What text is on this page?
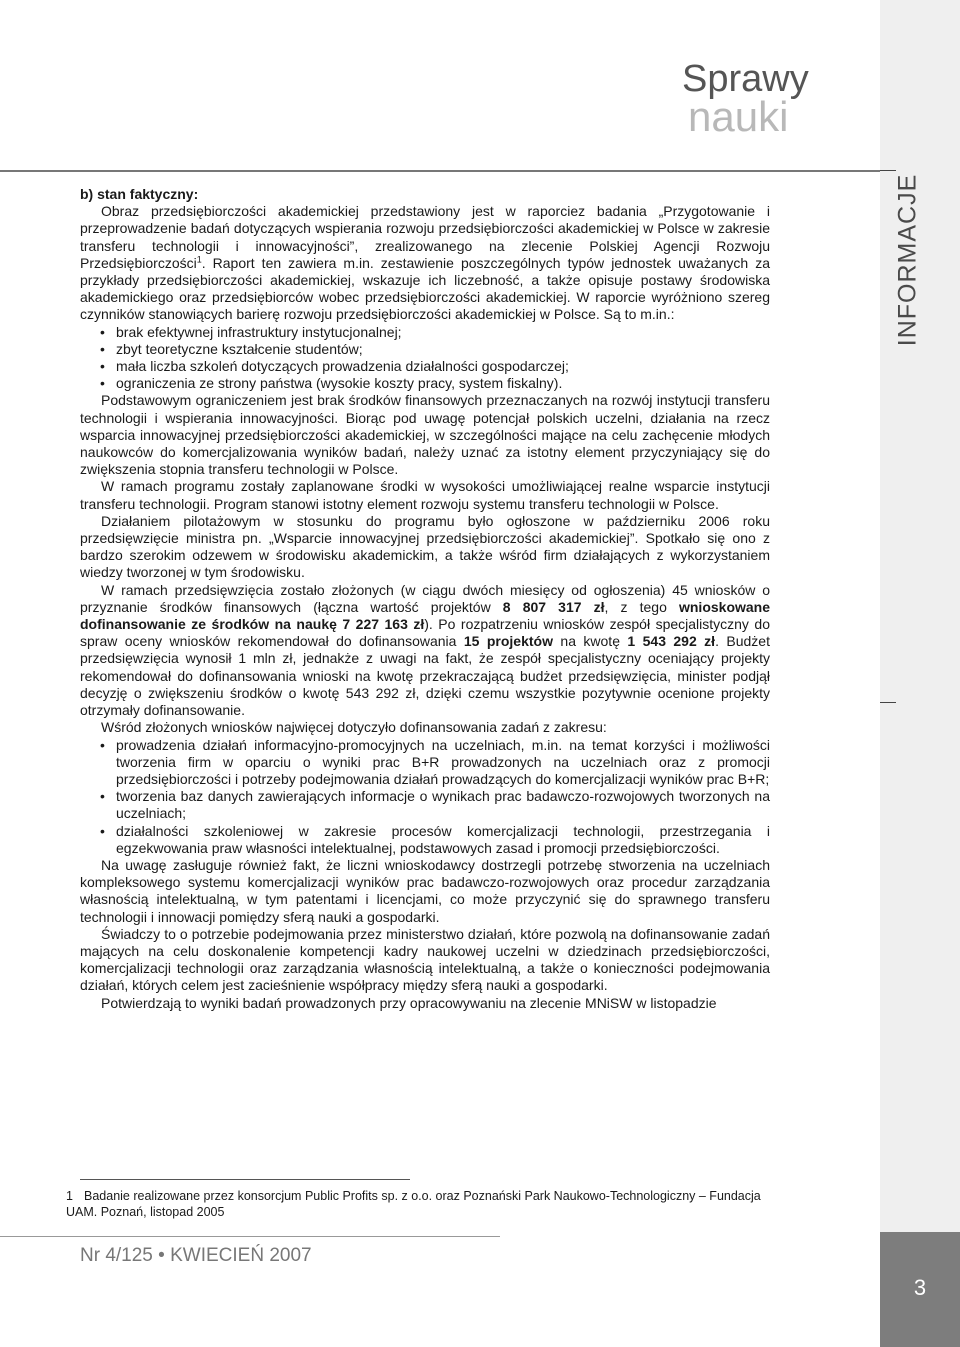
INFORMACJE
3
Sprawy
nauki

b) stan faktyczny:

Obraz przedsiębiorczości akademickiej przedstawiony jest w raporciez badania „Przygotowanie i przeprowadzenie badań dotyczących wspierania rozwoju przedsiębiorczości akademickiej w Polsce w zakresie transferu technologii i innowacyjności”, zrealizowanego na zlecenie Polskiej Agencji Rozwoju Przedsiębiorczości$^1$. Raport ten zawiera m.in. zestawienie poszczególnych typów jednostek uważanych za przykłady przedsiębiorczości akademickiej, wskazuje ich liczebność, a także opisuje postawy środowiska akademickiego oraz przedsiębiorców wobec przedsiębiorczości akademickiej. W raporcie wyróżniono szereg czynników stanowiących barierę rozwoju przedsiębiorczości akademickiej w Polsce. Są to m.in.:

• brak efektywnej infrastruktury instytucjonalnej;
• zbyt teoretyczne kształcenie studentów;
• mała liczba szkoleń dotyczących prowadzenia działalności gospodarczej;
• ograniczenia ze strony państwa (wysokie koszty pracy, system fiskalny).

Podstawowym ograniczeniem jest brak środków finansowych przeznaczanych na rozwój instytucji transferu technologii i wspierania innowacyjności. Biorąc pod uwagę potencjał polskich uczelni, działania na rzecz wsparcia innowacyjnej przedsiębiorczości akademickiej, w szczególności mające na celu zachęcenie młodych naukowców do komercjalizowania wyników badań, należy uznać za istotny element przyczyniający się do zwiększenia stopnia transferu technologii w Polsce.

W ramach programu zostały zaplanowane środki w wysokości umożliwiającej realne wsparcie instytucji transferu technologii. Program stanowi istotny element rozwoju systemu transferu technologii w Polsce.

Działaniem pilotażowym w stosunku do programu było ogłoszone w październiku 2006 roku przedsięwzięcie ministra pn. „Wsparcie innowacyjnej przedsiębiorczości akademickiej”. Spotkało się ono z bardzo szerokim odzewem w środowisku akademickim, a także wśród firm działających z wykorzystaniem wiedzy tworzonej w tym środowisku.

W ramach przedsięwzięcia zostało złożonych (w ciągu dwóch miesięcy od ogłoszenia) 45 wniosków o przyznanie środków finansowych (łączna wartość projektów 8 807 317 zł, z tego wnioskowane dofinansowanie ze środków na naukę 7 227 163 zł). Po rozpatrzeniu wniosków zespół specjalistyczny do spraw oceny wniosków rekomendował do dofinansowania 15 projektów na kwotę 1 543 292 zł. Budżet przedsięwzięcia wynosił 1 mln zł, jednakże z uwagi na fakt, że zespół specjalistyczny oceniający projekty rekomendował do dofinansowania wnioski na kwotę przekraczającą budżet przedsięwzięcia, minister podjął decyzję o zwiększeniu środków o kwotę 543 292 zł, dzięki czemu wszystkie pozytywnie ocenione projekty otrzymały dofinansowanie.

Wśród złożonych wniosków najwięcej dotyczyło dofinansowania zadań z zakresu:

• prowadzenia działań informacyjno-promocyjnych na uczelniach, m.in. na temat korzyści i możliwości tworzenia firm w oparciu o wyniki prac B+R prowadzonych na uczelniach oraz z promocji przedsiębiorczości i potrzeby podejmowania działań prowadzących do komercjalizacji wyników prac B+R;
• tworzenia baz danych zawierających informacje o wynikach prac badawczo-rozwojowych tworzonych na uczelniach;
• działalności szkoleniowej w zakresie procesów komercjalizacji technologii, przestrzegania i egzekwowania praw własności intelektualnej, podstawowych zasad i promocji przedsiębiorczości.

Na uwagę zasługuje również fakt, że liczni wnioskodawcy dostrzegli potrzebę stworzenia na uczelniach kompleksowego systemu komercjalizacji wyników prac badawczo-rozwojowych oraz procedur zarządzania własnością intelektualną, w tym patentami i licencjami, co może przyczynić się do sprawnego transferu technologii i innowacji pomiędzy sferą nauki a gospodarki.

Świadczy to o potrzebie podejmowania przez ministerstwo działań, które pozwolą na dofinansowanie zadań mających na celu doskonalenie kompetencji kadry naukowej uczelni w dziedzinach przedsiębiorczości, komercjalizacji technologii oraz zarządzania własnością intelektualną, a także o konieczności podejmowania działań, których celem jest zacieśnienie współpracy między sferą nauki a gospodarki.

Potwierdzają to wyniki badań prowadzonych przy opracowywaniu na zlecenie MNiSW w listopadzie

1 Badanie realizowane przez konsorcjum Public Profits sp. z o.o. oraz Poznański Park Naukowo-Technologiczny – Fundacja UAM. Poznań, listopad 2005
Nr 4/125 • KWIECIEŃ 2007
